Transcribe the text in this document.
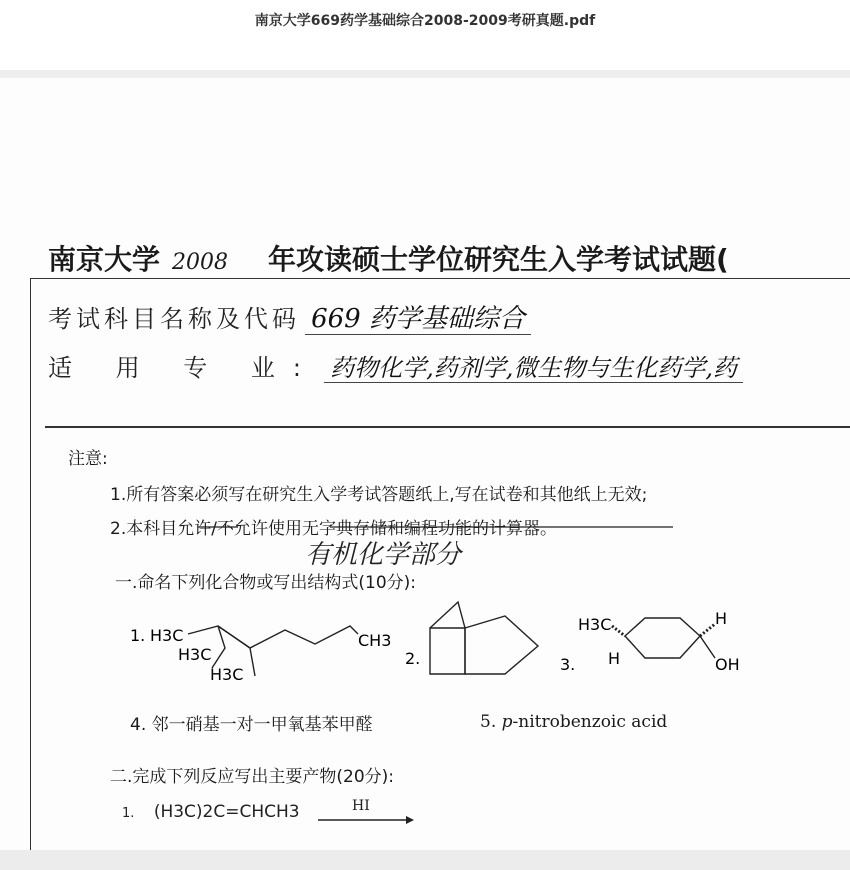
南京大学669药学基础综合2008-2009考研真题.pdf
南京大学 2008 年攻读硕士学位研究生入学考试试题(
考试科目名称及代码 669 药学基础综合
适 用 专 业: 药物化学,药剂学,微生物与生化药学,药
注意:
1.所有答案必须写在研究生入学考试答题纸上,写在试卷和其他纸上无效;
2.本科目允许/不允许使用无字典存储和编程功能的计算器。
有机化学部分
一.命名下列化合物或写出结构式(10分):
1. H3C
H3C
H3C
CH3
2.	3.
H3C
H
H
OH
4. 邻一硝基一对一甲氧基苯甲醛	5. p-nitrobenzoic acid
二.完成下列反应写出主要产物(20分):
1. (H3C)2C=CHCH3	HI
